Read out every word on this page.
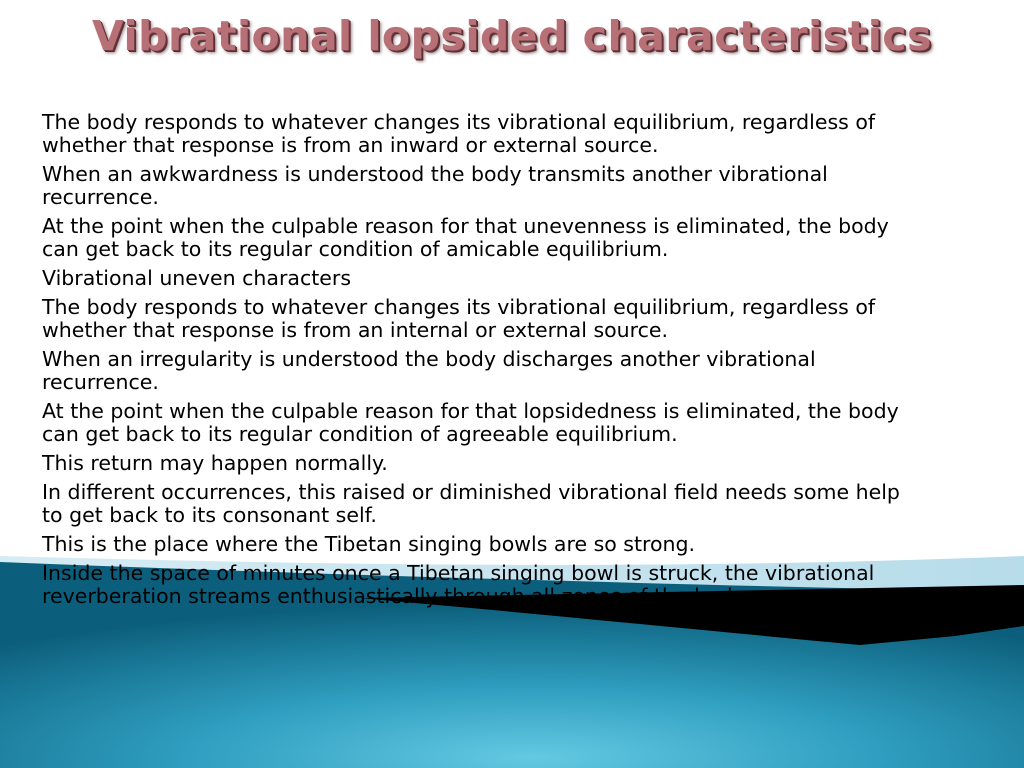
Vibrational lopsided characteristics

The body responds to whatever changes its vibrational equilibrium, regardless of whether that response is from an inward or external source.

When an awkwardness is understood the body transmits another vibrational recurrence.

At the point when the culpable reason for that unevenness is eliminated, the body can get back to its regular condition of amicable equilibrium.

Vibrational uneven characters

The body responds to whatever changes its vibrational equilibrium, regardless of whether that response is from an internal or external source.

When an irregularity is understood the body discharges another vibrational recurrence.

At the point when the culpable reason for that lopsidedness is eliminated, the body can get back to its regular condition of agreeable equilibrium.

This return may happen normally.

In different occurrences, this raised or diminished vibrational field needs some help to get back to its consonant self.

This is the place where the Tibetan singing bowls are so strong.

Inside the space of minutes once a Tibetan singing bowl is struck, the vibrational reverberation streams enthusiastically through all zones of the body.
